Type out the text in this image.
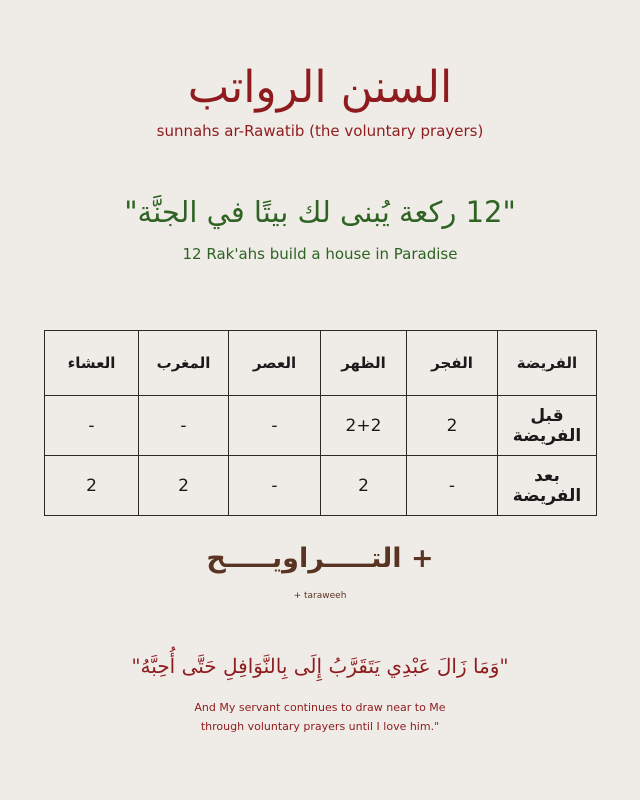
السنن الرواتب
sunnahs ar-Rawatib (the voluntary prayers)
"12 ركعة يُبنى لك بيتًا في الجنَّة"
12 Rak'ahs build a house in Paradise
الفريضة	الفجر	الظهر	العصر	المغرب	العشاء
قبل الفريضة	2	2+2	-	-	-
بعد الفريضة	-	2	-	2	2
+ التـــــراويـــــح
+ taraweeh
"وَمَا زَالَ عَبْدِي يَتَقَرَّبُ إِلَى بِالنَّوَافِلِ حَتَّى أُحِبَّهُ"
And My servant continues to draw near to Me
through voluntary prayers until I love him."
